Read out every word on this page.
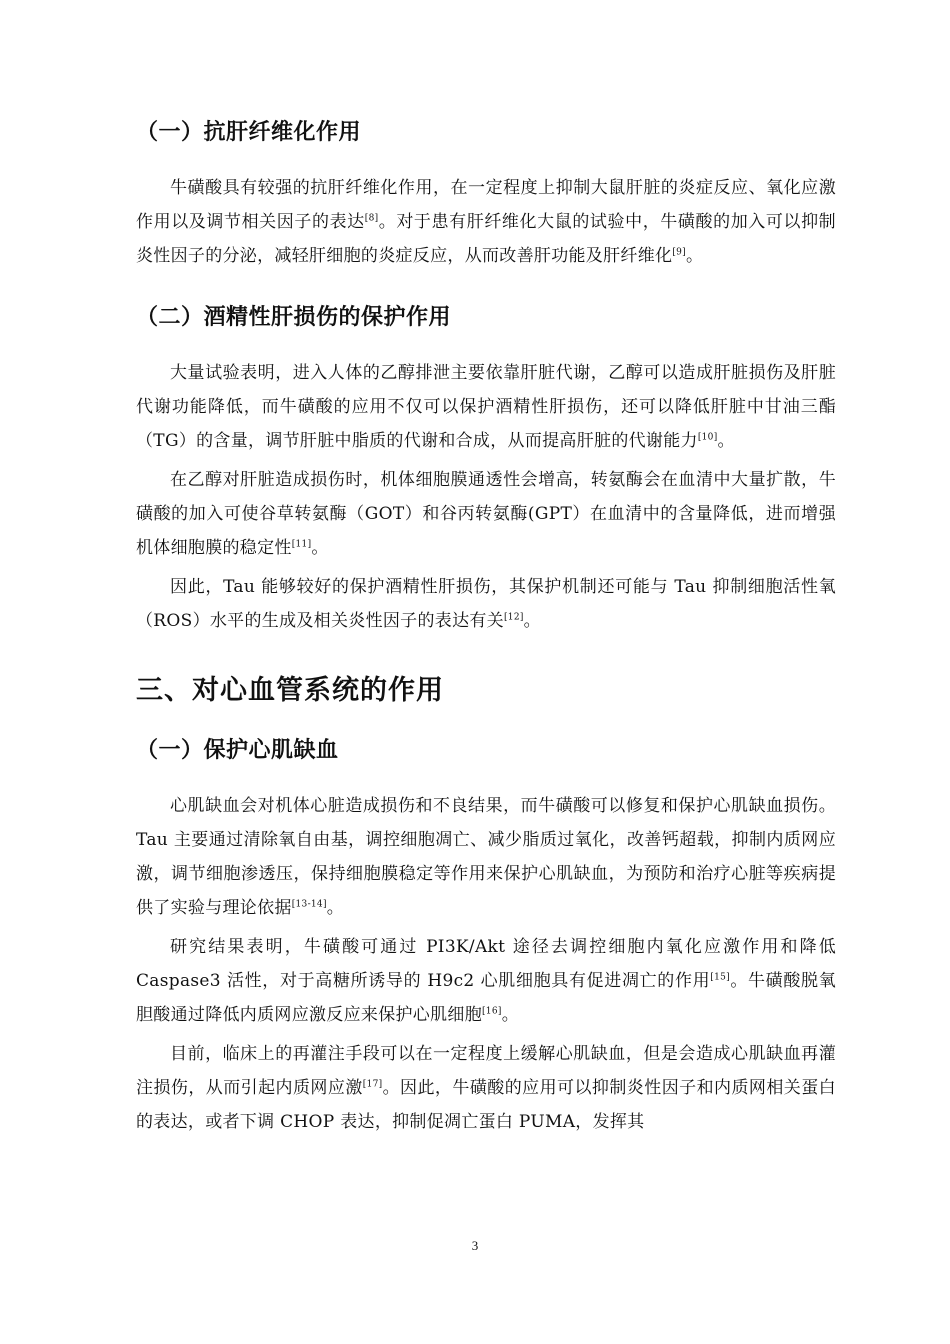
（一）抗肝纤维化作用

牛磺酸具有较强的抗肝纤维化作用，在一定程度上抑制大鼠肝脏的炎症反应、氧化应激作用以及调节相关因子的表达[8]。对于患有肝纤维化大鼠的试验中，牛磺酸的加入可以抑制炎性因子的分泌，减轻肝细胞的炎症反应，从而改善肝功能及肝纤维化[9]。

（二）酒精性肝损伤的保护作用

大量试验表明，进入人体的乙醇排泄主要依靠肝脏代谢，乙醇可以造成肝脏损伤及肝脏代谢功能降低，而牛磺酸的应用不仅可以保护酒精性肝损伤，还可以降低肝脏中甘油三酯（TG）的含量，调节肝脏中脂质的代谢和合成，从而提高肝脏的代谢能力[10]。

在乙醇对肝脏造成损伤时，机体细胞膜通透性会增高，转氨酶会在血清中大量扩散，牛磺酸的加入可使谷草转氨酶（GOT）和谷丙转氨酶(GPT）在血清中的含量降低，进而增强机体细胞膜的稳定性[11]。

因此，Tau 能够较好的保护酒精性肝损伤，其保护机制还可能与 Tau 抑制细胞活性氧（ROS）水平的生成及相关炎性因子的表达有关[12]。

三、对心血管系统的作用
（一）保护心肌缺血

心肌缺血会对机体心脏造成损伤和不良结果，而牛磺酸可以修复和保护心肌缺血损伤。Tau 主要通过清除氧自由基，调控细胞凋亡、减少脂质过氧化，改善钙超载，抑制内质网应激，调节细胞渗透压，保持细胞膜稳定等作用来保护心肌缺血，为预防和治疗心脏等疾病提供了实验与理论依据[13-14]。

研究结果表明，牛磺酸可通过 PI3K/Akt 途径去调控细胞内氧化应激作用和降低 Caspase3 活性，对于高糖所诱导的 H9c2 心肌细胞具有促进凋亡的作用[15]。牛磺酸脱氧胆酸通过降低内质网应激反应来保护心肌细胞[16]。

目前，临床上的再灌注手段可以在一定程度上缓解心肌缺血，但是会造成心肌缺血再灌注损伤，从而引起内质网应激[17]。因此，牛磺酸的应用可以抑制炎性因子和内质网相关蛋白的表达，或者下调 CHOP 表达，抑制促凋亡蛋白 PUMA，发挥其

3
